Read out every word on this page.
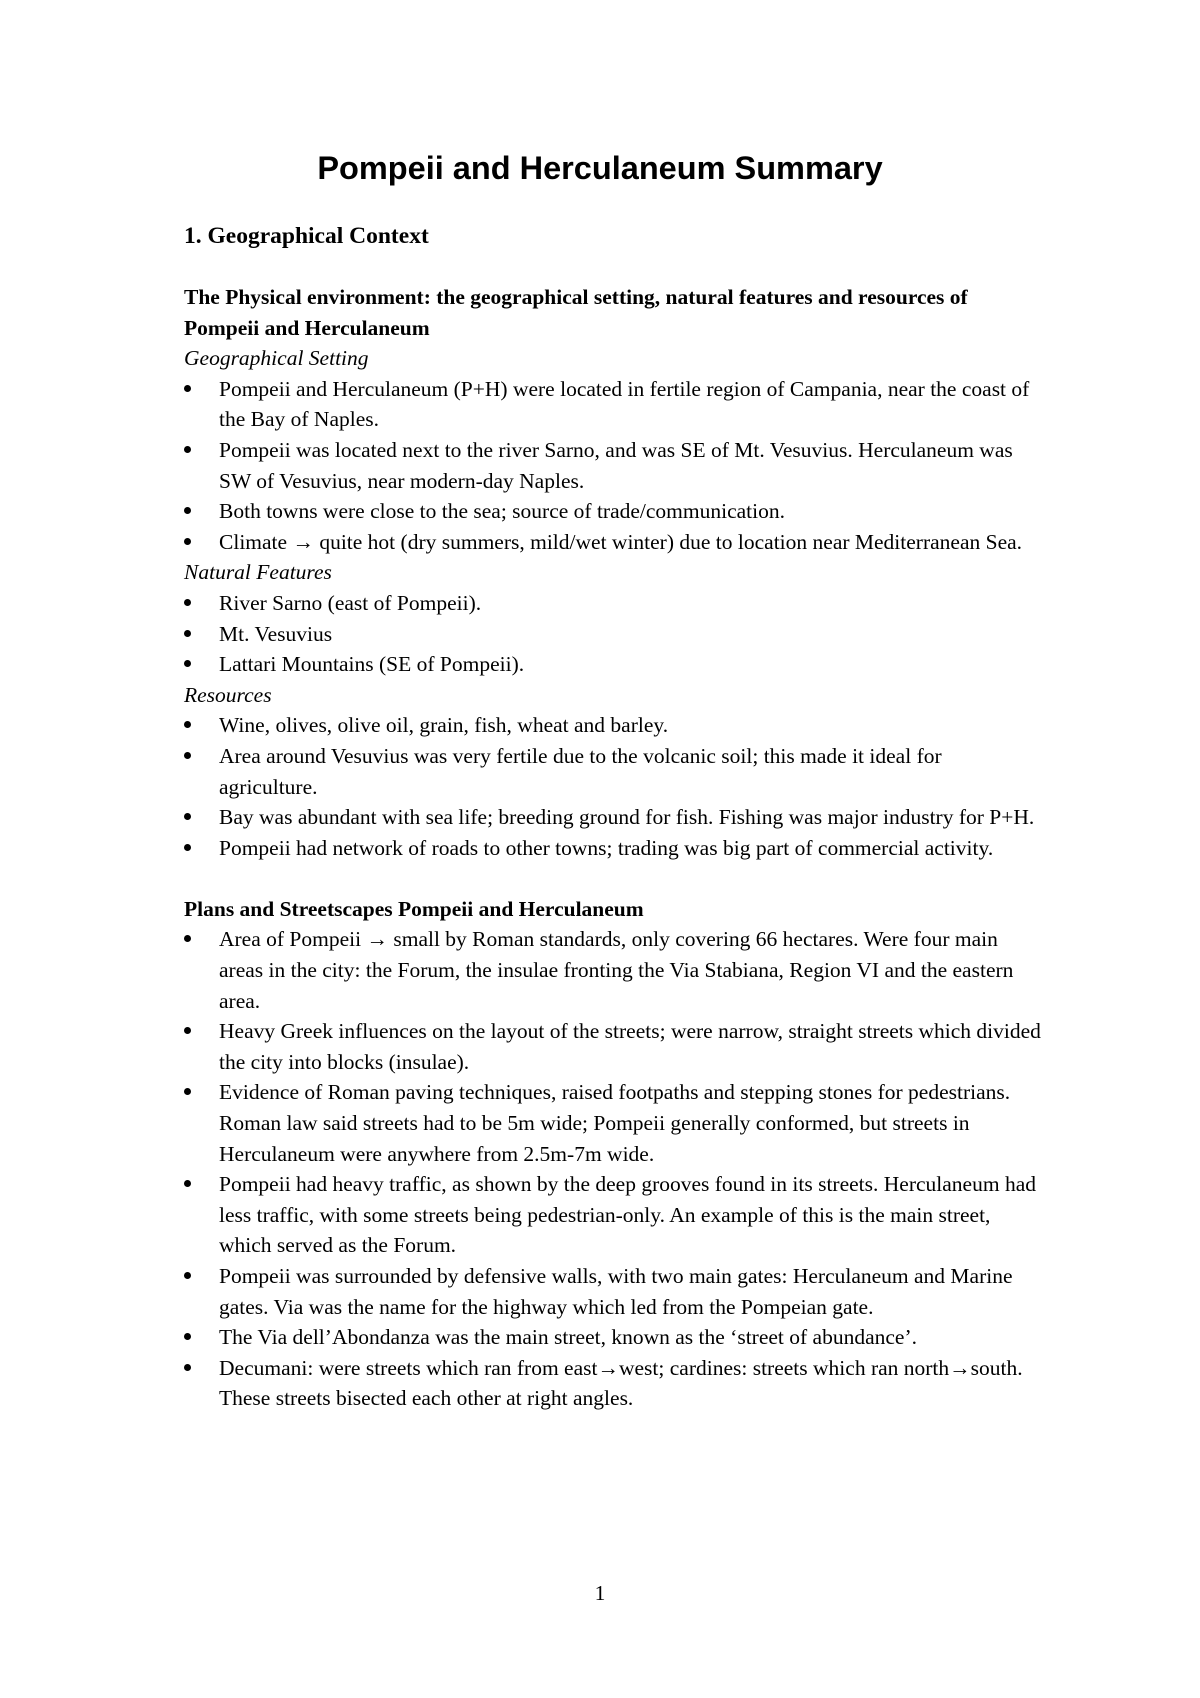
Pompeii and Herculaneum Summary
1. Geographical Context
The Physical environment: the geographical setting, natural features and resources of Pompeii and Herculaneum
Geographical Setting
Pompeii and Herculaneum (P+H) were located in fertile region of Campania, near the coast of the Bay of Naples.
Pompeii was located next to the river Sarno, and was SE of Mt. Vesuvius. Herculaneum was SW of Vesuvius, near modern-day Naples.
Both towns were close to the sea; source of trade/communication.
Climate → quite hot (dry summers, mild/wet winter) due to location near Mediterranean Sea.
Natural Features
River Sarno (east of Pompeii).
Mt. Vesuvius
Lattari Mountains (SE of Pompeii).
Resources
Wine, olives, olive oil, grain, fish, wheat and barley.
Area around Vesuvius was very fertile due to the volcanic soil; this made it ideal for agriculture.
Bay was abundant with sea life; breeding ground for fish. Fishing was major industry for P+H.
Pompeii had network of roads to other towns; trading was big part of commercial activity.
Plans and Streetscapes Pompeii and Herculaneum
Area of Pompeii → small by Roman standards, only covering 66 hectares. Were four main areas in the city: the Forum, the insulae fronting the Via Stabiana, Region VI and the eastern area.
Heavy Greek influences on the layout of the streets; were narrow, straight streets which divided the city into blocks (insulae).
Evidence of Roman paving techniques, raised footpaths and stepping stones for pedestrians. Roman law said streets had to be 5m wide; Pompeii generally conformed, but streets in Herculaneum were anywhere from 2.5m-7m wide.
Pompeii had heavy traffic, as shown by the deep grooves found in its streets. Herculaneum had less traffic, with some streets being pedestrian-only. An example of this is the main street, which served as the Forum.
Pompeii was surrounded by defensive walls, with two main gates: Herculaneum and Marine gates. Via was the name for the highway which led from the Pompeian gate.
The Via dell’Abondanza was the main street, known as the ‘street of abundance’.
Decumani: were streets which ran from east→west; cardines: streets which ran north→south. These streets bisected each other at right angles.
1
